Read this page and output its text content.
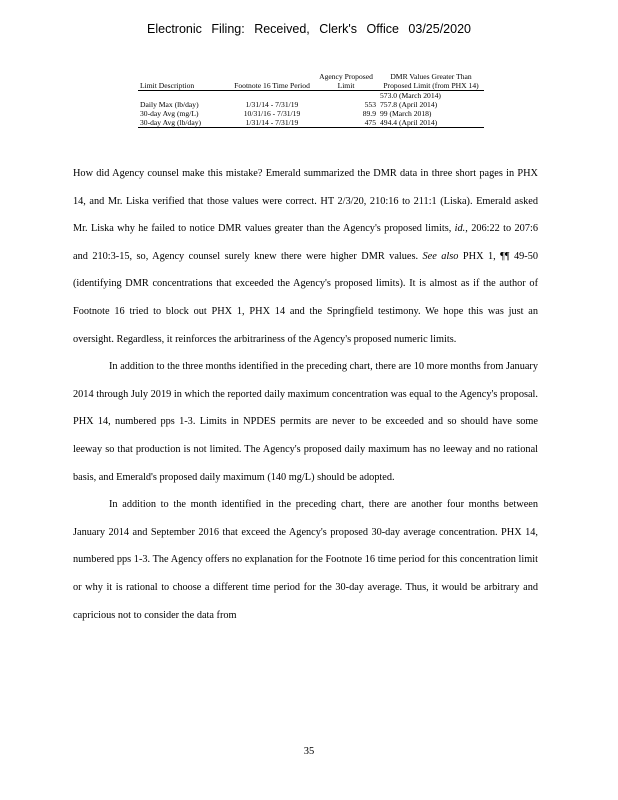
Electronic Filing: Received, Clerk's Office 03/25/2020
Limit Description	Footnote 16 Time Period	Agency Proposed Limit	DMR Values Greater Than Proposed Limit (from PHX 14)
			573.0 (March 2014)
Daily Max (lb/day)	1/31/14 - 7/31/19	553	757.8 (April 2014)
30-day Avg (mg/L)	10/31/16 - 7/31/19	89.9	99 (March 2018)
30-day Avg (lb/day)	1/31/14 - 7/31/19	475	494.4 (April 2014)

How did Agency counsel make this mistake? Emerald summarized the DMR data in three short pages in PHX 14, and Mr. Liska verified that those values were correct. HT 2/3/20, 210:16 to 211:1 (Liska). Emerald asked Mr. Liska why he failed to notice DMR values greater than the Agency's proposed limits, id., 206:22 to 207:6 and 210:3-15, so, Agency counsel surely knew there were higher DMR values. See also PHX 1, ¶¶ 49-50 (identifying DMR concentrations that exceeded the Agency's proposed limits). It is almost as if the author of Footnote 16 tried to block out PHX 1, PHX 14 and the Springfield testimony. We hope this was just an oversight. Regardless, it reinforces the arbitrariness of the Agency's proposed numeric limits.

In addition to the three months identified in the preceding chart, there are 10 more months from January 2014 through July 2019 in which the reported daily maximum concentration was equal to the Agency's proposal. PHX 14, numbered pps 1-3. Limits in NPDES permits are never to be exceeded and so should have some leeway so that production is not limited. The Agency's proposed daily maximum has no leeway and no rational basis, and Emerald's proposed daily maximum (140 mg/L) should be adopted.

In addition to the month identified in the preceding chart, there are another four months between January 2014 and September 2016 that exceed the Agency's proposed 30-day average concentration. PHX 14, numbered pps 1-3. The Agency offers no explanation for the Footnote 16 time period for this concentration limit or why it is rational to choose a different time period for the 30-day average. Thus, it would be arbitrary and capricious not to consider the data from

35
